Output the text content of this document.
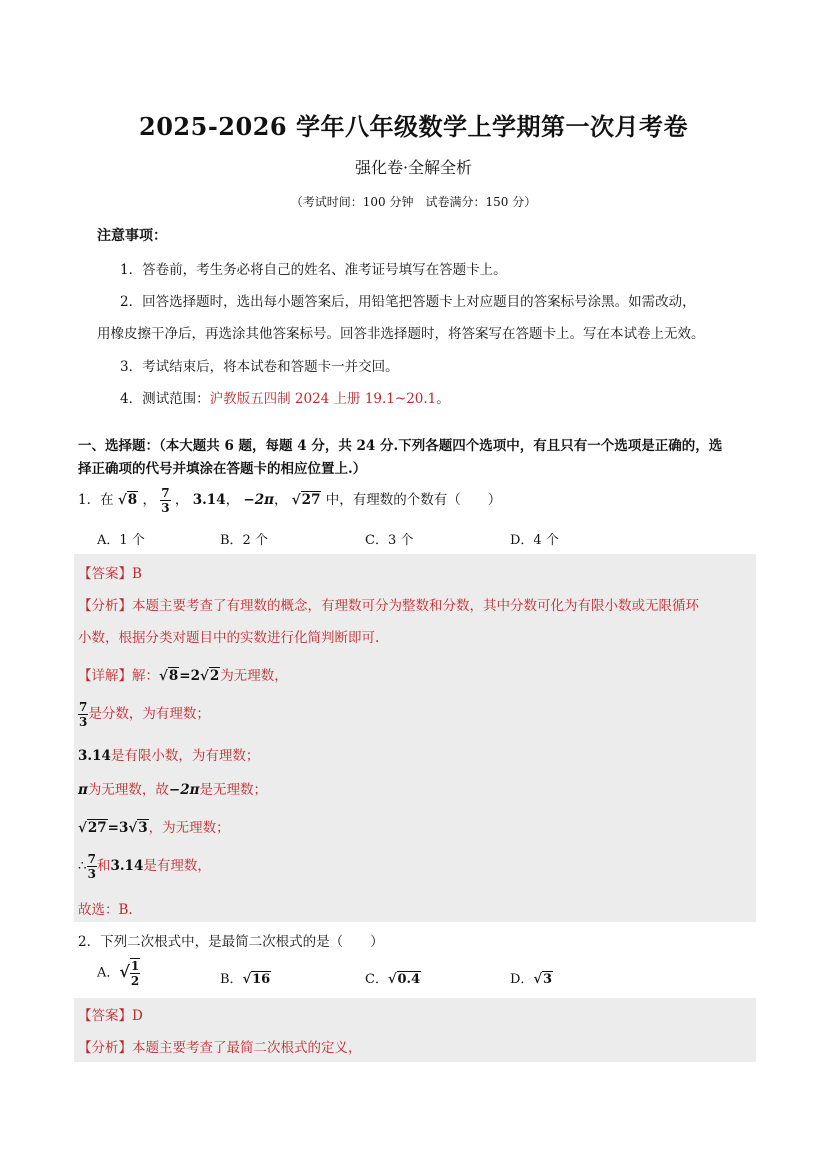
2025-2026 学年八年级数学上学期第一次月考卷
强化卷·全解全析
（考试时间：100 分钟　试卷满分：150 分）
注意事项：
1．答卷前，考生务必将自己的姓名、准考证号填写在答题卡上。
2．回答选择题时，选出每小题答案后，用铅笔把答题卡上对应题目的答案标号涂黑。如需改动，
用橡皮擦干净后，再选涂其他答案标号。回答非选择题时，将答案写在答题卡上。写在本试卷上无效。
3．考试结束后，将本试卷和答题卡一并交回。
4．测试范围：沪教版五四制 2024 上册 19.1~20.1。
一、选择题：（本大题共 6 题，每题 4 分，共 24 分.下列各题四个选项中，有且只有一个选项是正确的，选
择正确项的代号并填涂在答题卡的相应位置上.）
1．在 √8 ， $\frac{7}{3}$ ， 3.14， −2π， √27 中，有理数的个数有（　　）
A．1 个	B．2 个	C．3 个	D．4 个
【答案】B
【分析】本题主要考查了有理数的概念，有理数可分为整数和分数，其中分数可化为有限小数或无限循环
小数，根据分类对题目中的实数进行化简判断即可.
【详解】解：√8=2√2为无理数，
$\frac{7}{3}$ 是分数，为有理数；
3.14是有限小数，为有理数；
π为无理数，故−2π是无理数；
√27=3√3，为无理数；
∴ $\frac{7}{3}$ 和3.14是有理数，
故选：B.
2．下列二次根式中，是最简二次根式的是（　　）
A．√ $\frac{1}{2}$	B．√16	C．√0.4	D．√3
【答案】D
【分析】本题主要考查了最简二次根式的定义，
